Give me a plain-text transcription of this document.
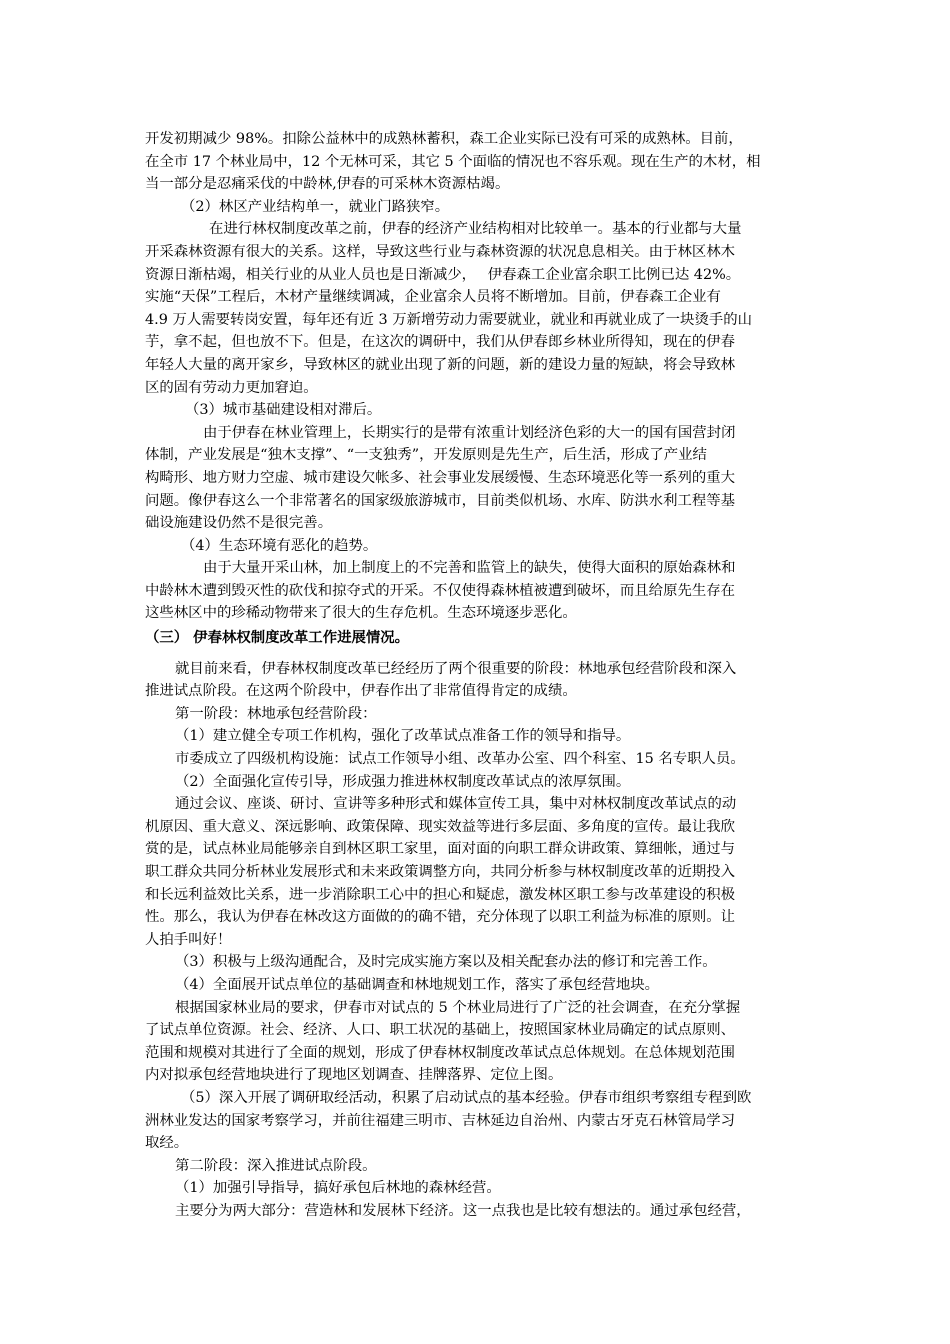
开发初期减少 98%。扣除公益林中的成熟林蓄积，森工企业实际已没有可采的成熟林。目前，
在全市 17 个林业局中，12 个无林可采，其它 5 个面临的情况也不容乐观。现在生产的木材，相
当一部分是忍痛采伐的中龄林,伊春的可采林木资源枯竭。
（2）林区产业结构单一，就业门路狭窄。
在进行林权制度改革之前，伊春的经济产业结构相对比较单一。基本的行业都与大量
开采森林资源有很大的关系。这样，导致这些行业与森林资源的状况息息相关。由于林区林木
资源日渐枯竭，相关行业的从业人员也是日渐减少，　 伊春森工企业富余职工比例已达 42%。
实施“天保”工程后，木材产量继续调减，企业富余人员将不断增加。目前，伊春森工企业有
4.9 万人需要转岗安置，每年还有近 3 万新增劳动力需要就业，就业和再就业成了一块烫手的山
芋，拿不起，但也放不下。但是，在这次的调研中，我们从伊春郎乡林业所得知，现在的伊春
年轻人大量的离开家乡，导致林区的就业出现了新的问题，新的建设力量的短缺，将会导致林
区的固有劳动力更加窘迫。
（3）城市基础建设相对滞后。
由于伊春在林业管理上，长期实行的是带有浓重计划经济色彩的大一的国有国营封闭
体制，产业发展是“独木支撑”、“一支独秀”，开发原则是先生产，后生活，形成了产业结
构畸形、地方财力空虚、城市建设欠帐多、社会事业发展缓慢、生态环境恶化等一系列的重大
问题。像伊春这么一个非常著名的国家级旅游城市，目前类似机场、水库、防洪水利工程等基
础设施建设仍然不是很完善。
（4）生态环境有恶化的趋势。
由于大量开采山林，加上制度上的不完善和监管上的缺失，使得大面积的原始森林和
中龄林木遭到毁灭性的砍伐和掠夺式的开采。不仅使得森林植被遭到破坏，而且给原先生存在
这些林区中的珍稀动物带来了很大的生存危机。生态环境逐步恶化。
（三） 伊春林权制度改革工作进展情况。
就目前来看，伊春林权制度改革已经经历了两个很重要的阶段：林地承包经营阶段和深入
推进试点阶段。在这两个阶段中，伊春作出了非常值得肯定的成绩。
第一阶段：林地承包经营阶段：
（1）建立健全专项工作机构，强化了改革试点准备工作的领导和指导。
市委成立了四级机构设施：试点工作领导小组、改革办公室、四个科室、15 名专职人员。
（2）全面强化宣传引导，形成强力推进林权制度改革试点的浓厚氛围。
通过会议、座谈、研讨、宣讲等多种形式和媒体宣传工具，集中对林权制度改革试点的动
机原因、重大意义、深远影响、政策保障、现实效益等进行多层面、多角度的宣传。最让我欣
赏的是，试点林业局能够亲自到林区职工家里，面对面的向职工群众讲政策、算细帐，通过与
职工群众共同分析林业发展形式和未来政策调整方向，共同分析参与林权制度改革的近期投入
和长远利益效比关系，进一步消除职工心中的担心和疑虑，激发林区职工参与改革建设的积极
性。那么，我认为伊春在林改这方面做的的确不错，充分体现了以职工利益为标准的原则。让
人拍手叫好！
（3）积极与上级沟通配合，及时完成实施方案以及相关配套办法的修订和完善工作。
（4）全面展开试点单位的基础调查和林地规划工作，落实了承包经营地块。
根据国家林业局的要求，伊春市对试点的 5 个林业局进行了广泛的社会调查，在充分掌握
了试点单位资源。社会、经济、人口、职工状况的基础上，按照国家林业局确定的试点原则、
范围和规模对其进行了全面的规划，形成了伊春林权制度改革试点总体规划。在总体规划范围
内对拟承包经营地块进行了现地区划调查、挂牌落界、定位上图。
（5）深入开展了调研取经活动，积累了启动试点的基本经验。伊春市组织考察组专程到欧
洲林业发达的国家考察学习，并前往福建三明市、吉林延边自治州、内蒙古牙克石林管局学习
取经。
第二阶段：深入推进试点阶段。
（1）加强引导指导，搞好承包后林地的森林经营。
主要分为两大部分：营造林和发展林下经济。这一点我也是比较有想法的。通过承包经营，
